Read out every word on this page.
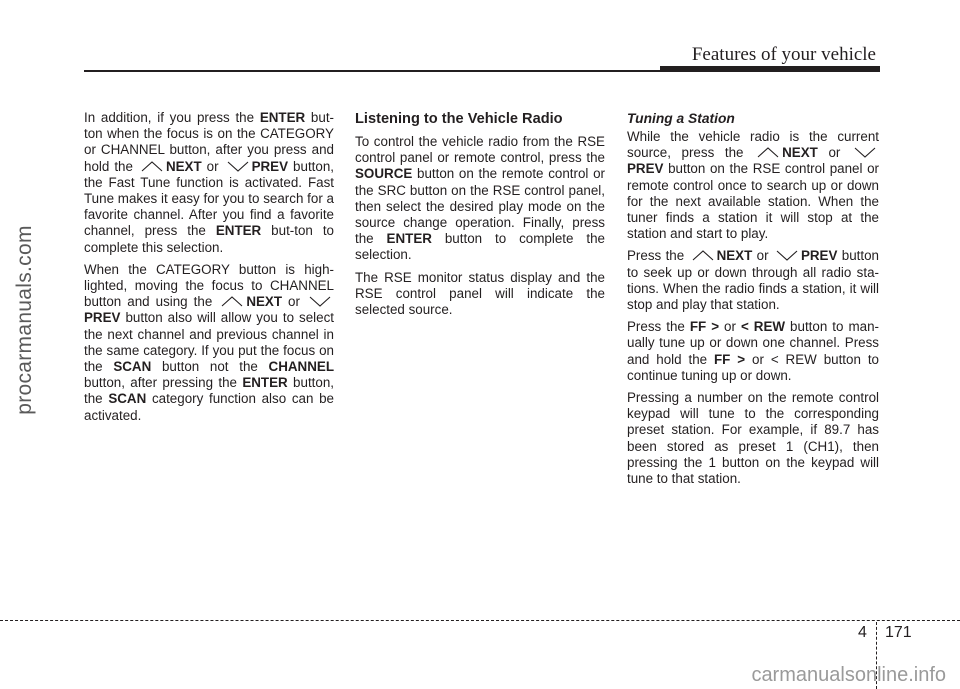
Features of your vehicle
procarmanuals.com

In addition, if you press the ENTER but-ton when the focus is on the CATEGORY or CHANNEL button, after you press and hold the
NEXT or
PREV button, the Fast Tune function is activated. Fast Tune makes it easy for you to search for a favorite channel. After you find a favorite channel, press the ENTER but-ton to complete this selection.

When the CATEGORY button is high-lighted, moving the focus to CHANNEL button and using the
NEXT or
PREV button also will allow you to select the next channel and previous channel in the same category. If you put the focus on the SCAN button not the CHANNEL button, after pressing the ENTER button, the SCAN category function also can be activated.

Listening to the Vehicle Radio

To control the vehicle radio from the RSE control panel or remote control, press the SOURCE button on the remote control or the SRC button on the RSE control panel, then select the desired play mode on the source change operation. Finally, press the ENTER button to complete the selection.

The RSE monitor status display and the RSE control panel will indicate the selected source.

Tuning a Station

While the vehicle radio is the current source, press the
NEXT or
PREV button on the RSE control panel or remote control once to search up or down for the next available station. When the tuner finds a station it will stop at the station and start to play.

Press the
NEXT or
PREV button to seek up or down through all radio sta-tions. When the radio finds a station, it will stop and play that station.

Press the FF > or < REW button to man-ually tune up or down one channel. Press and hold the FF > or < REW button to continue tuning up or down.

Pressing a number on the remote control keypad will tune to the corresponding preset station. For example, if 89.7 has been stored as preset 1 (CH1), then pressing the 1 button on the keypad will tune to that station.

4 171
carmanualsonline.info
